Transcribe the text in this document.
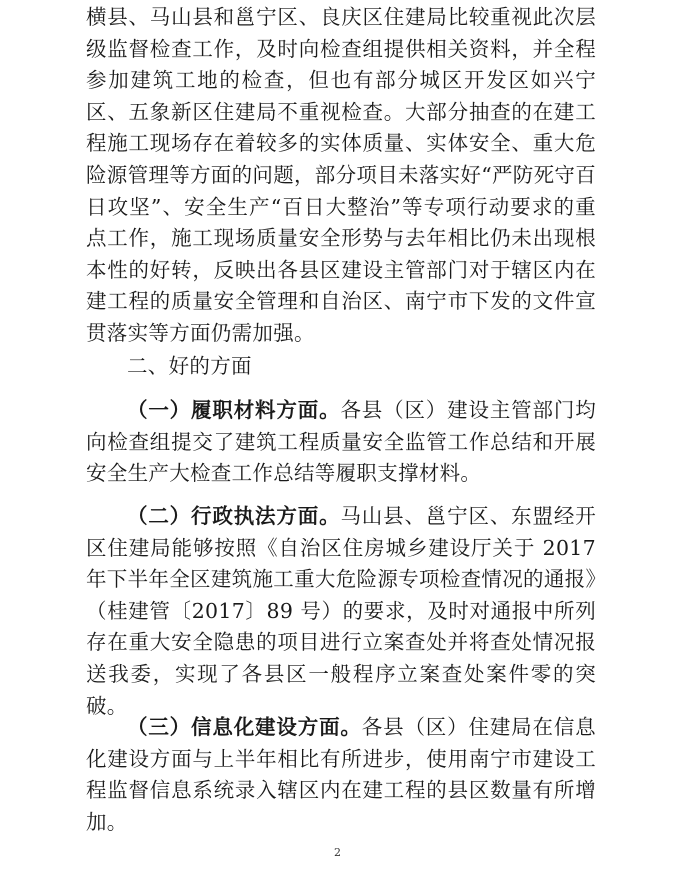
横县、马山县和邕宁区、良庆区住建局比较重视此次层级监督检查工作，及时向检查组提供相关资料，并全程参加建筑工地的检查，但也有部分城区开发区如兴宁区、五象新区住建局不重视检查。大部分抽查的在建工程施工现场存在着较多的实体质量、实体安全、重大危险源管理等方面的问题，部分项目未落实好“严防死守百日攻坚”、安全生产“百日大整治”等专项行动要求的重点工作，施工现场质量安全形势与去年相比仍未出现根本性的好转，反映出各县区建设主管部门对于辖区内在建工程的质量安全管理和自治区、南宁市下发的文件宣贯落实等方面仍需加强。

二、好的方面

（一）履职材料方面。各县（区）建设主管部门均向检查组提交了建筑工程质量安全监管工作总结和开展安全生产大检查工作总结等履职支撑材料。

（二）行政执法方面。马山县、邕宁区、东盟经开区住建局能够按照《自治区住房城乡建设厅关于 2017 年下半年全区建筑施工重大危险源专项检查情况的通报》（桂建管〔2017〕89 号）的要求，及时对通报中所列存在重大安全隐患的项目进行立案查处并将查处情况报送我委，实现了各县区一般程序立案查处案件零的突破。

（三）信息化建设方面。各县（区）住建局在信息化建设方面与上半年相比有所进步，使用南宁市建设工程监督信息系统录入辖区内在建工程的县区数量有所增加。

2
